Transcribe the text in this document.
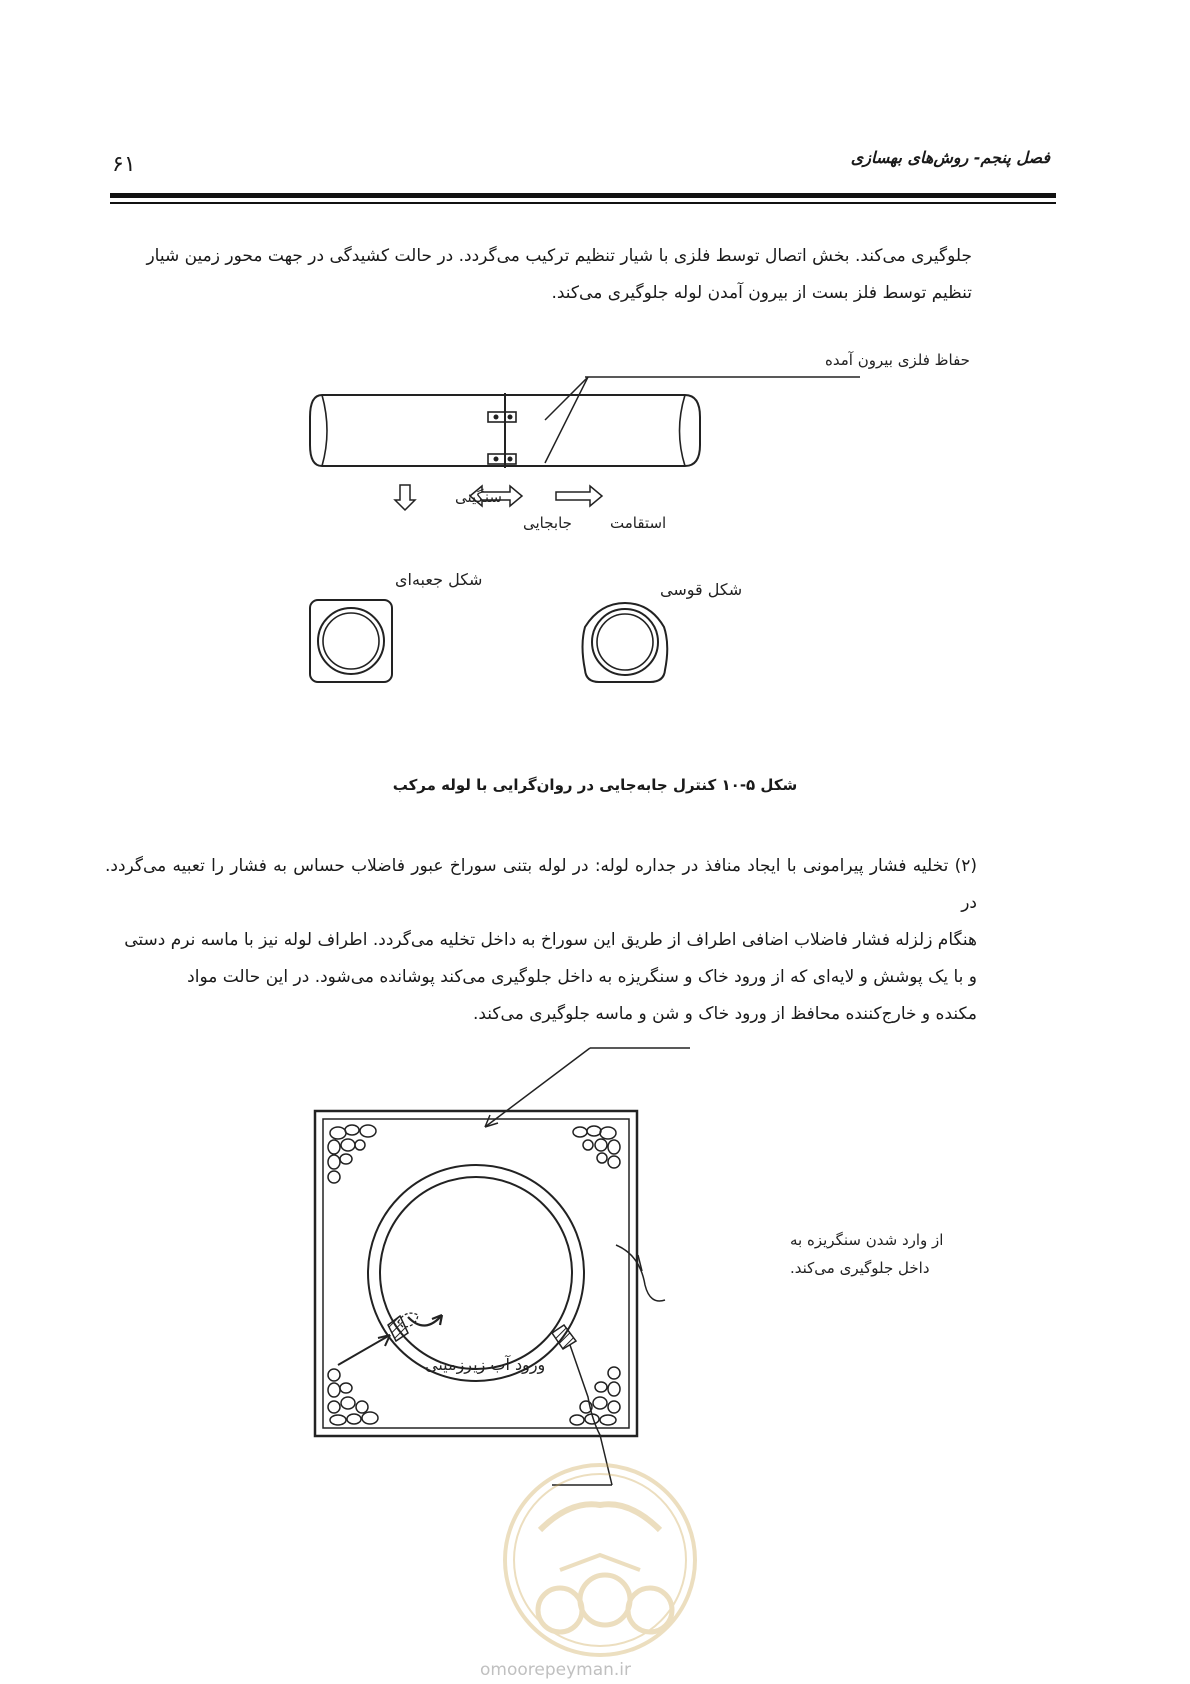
فصل پنجم- روش‌های بهسازی
۶۱

جلوگیری می‌کند. بخش اتصال توسط فلزی با شیار تنظیم ترکیب می‌گردد. در حالت کشیدگی در جهت محور زمین شیار

تنظیم توسط فلز بست از بیرون آمدن لوله جلوگیری می‌کند.

حفاظ فلزی بیرون آمده
سنگینی
جابجایی	استقامت
شکل جعبه‌ای
شکل قوسی
شکل ۵-۱۰ کنترل جابه‌جایی در روان‌گرایی با لوله مرکب

(۲) تخلیه فشار پیرامونی با ایجاد منافذ در جداره لوله: در لوله بتنی سوراخ عبور فاضلاب حساس به فشار را تعبیه می‌گردد. در

هنگام زلزله فشار فاضلاب اضافی اطراف از طریق این سوراخ به داخل تخلیه می‌گردد. اطراف لوله نیز با ماسه نرم دستی

و با یک پوشش و لایه‌ای که از ورود خاک و سنگریزه به داخل جلوگیری می‌کند پوشانده می‌شود. در این حالت مواد

مکنده و خارج‌کننده محافظ از ورود خاک و شن و ماسه جلوگیری می‌کند.

ورود آب زیرزمینی
از وارد شدن سنگریزه به
داخل جلوگیری می‌کند.
omoorepeyman.ir
